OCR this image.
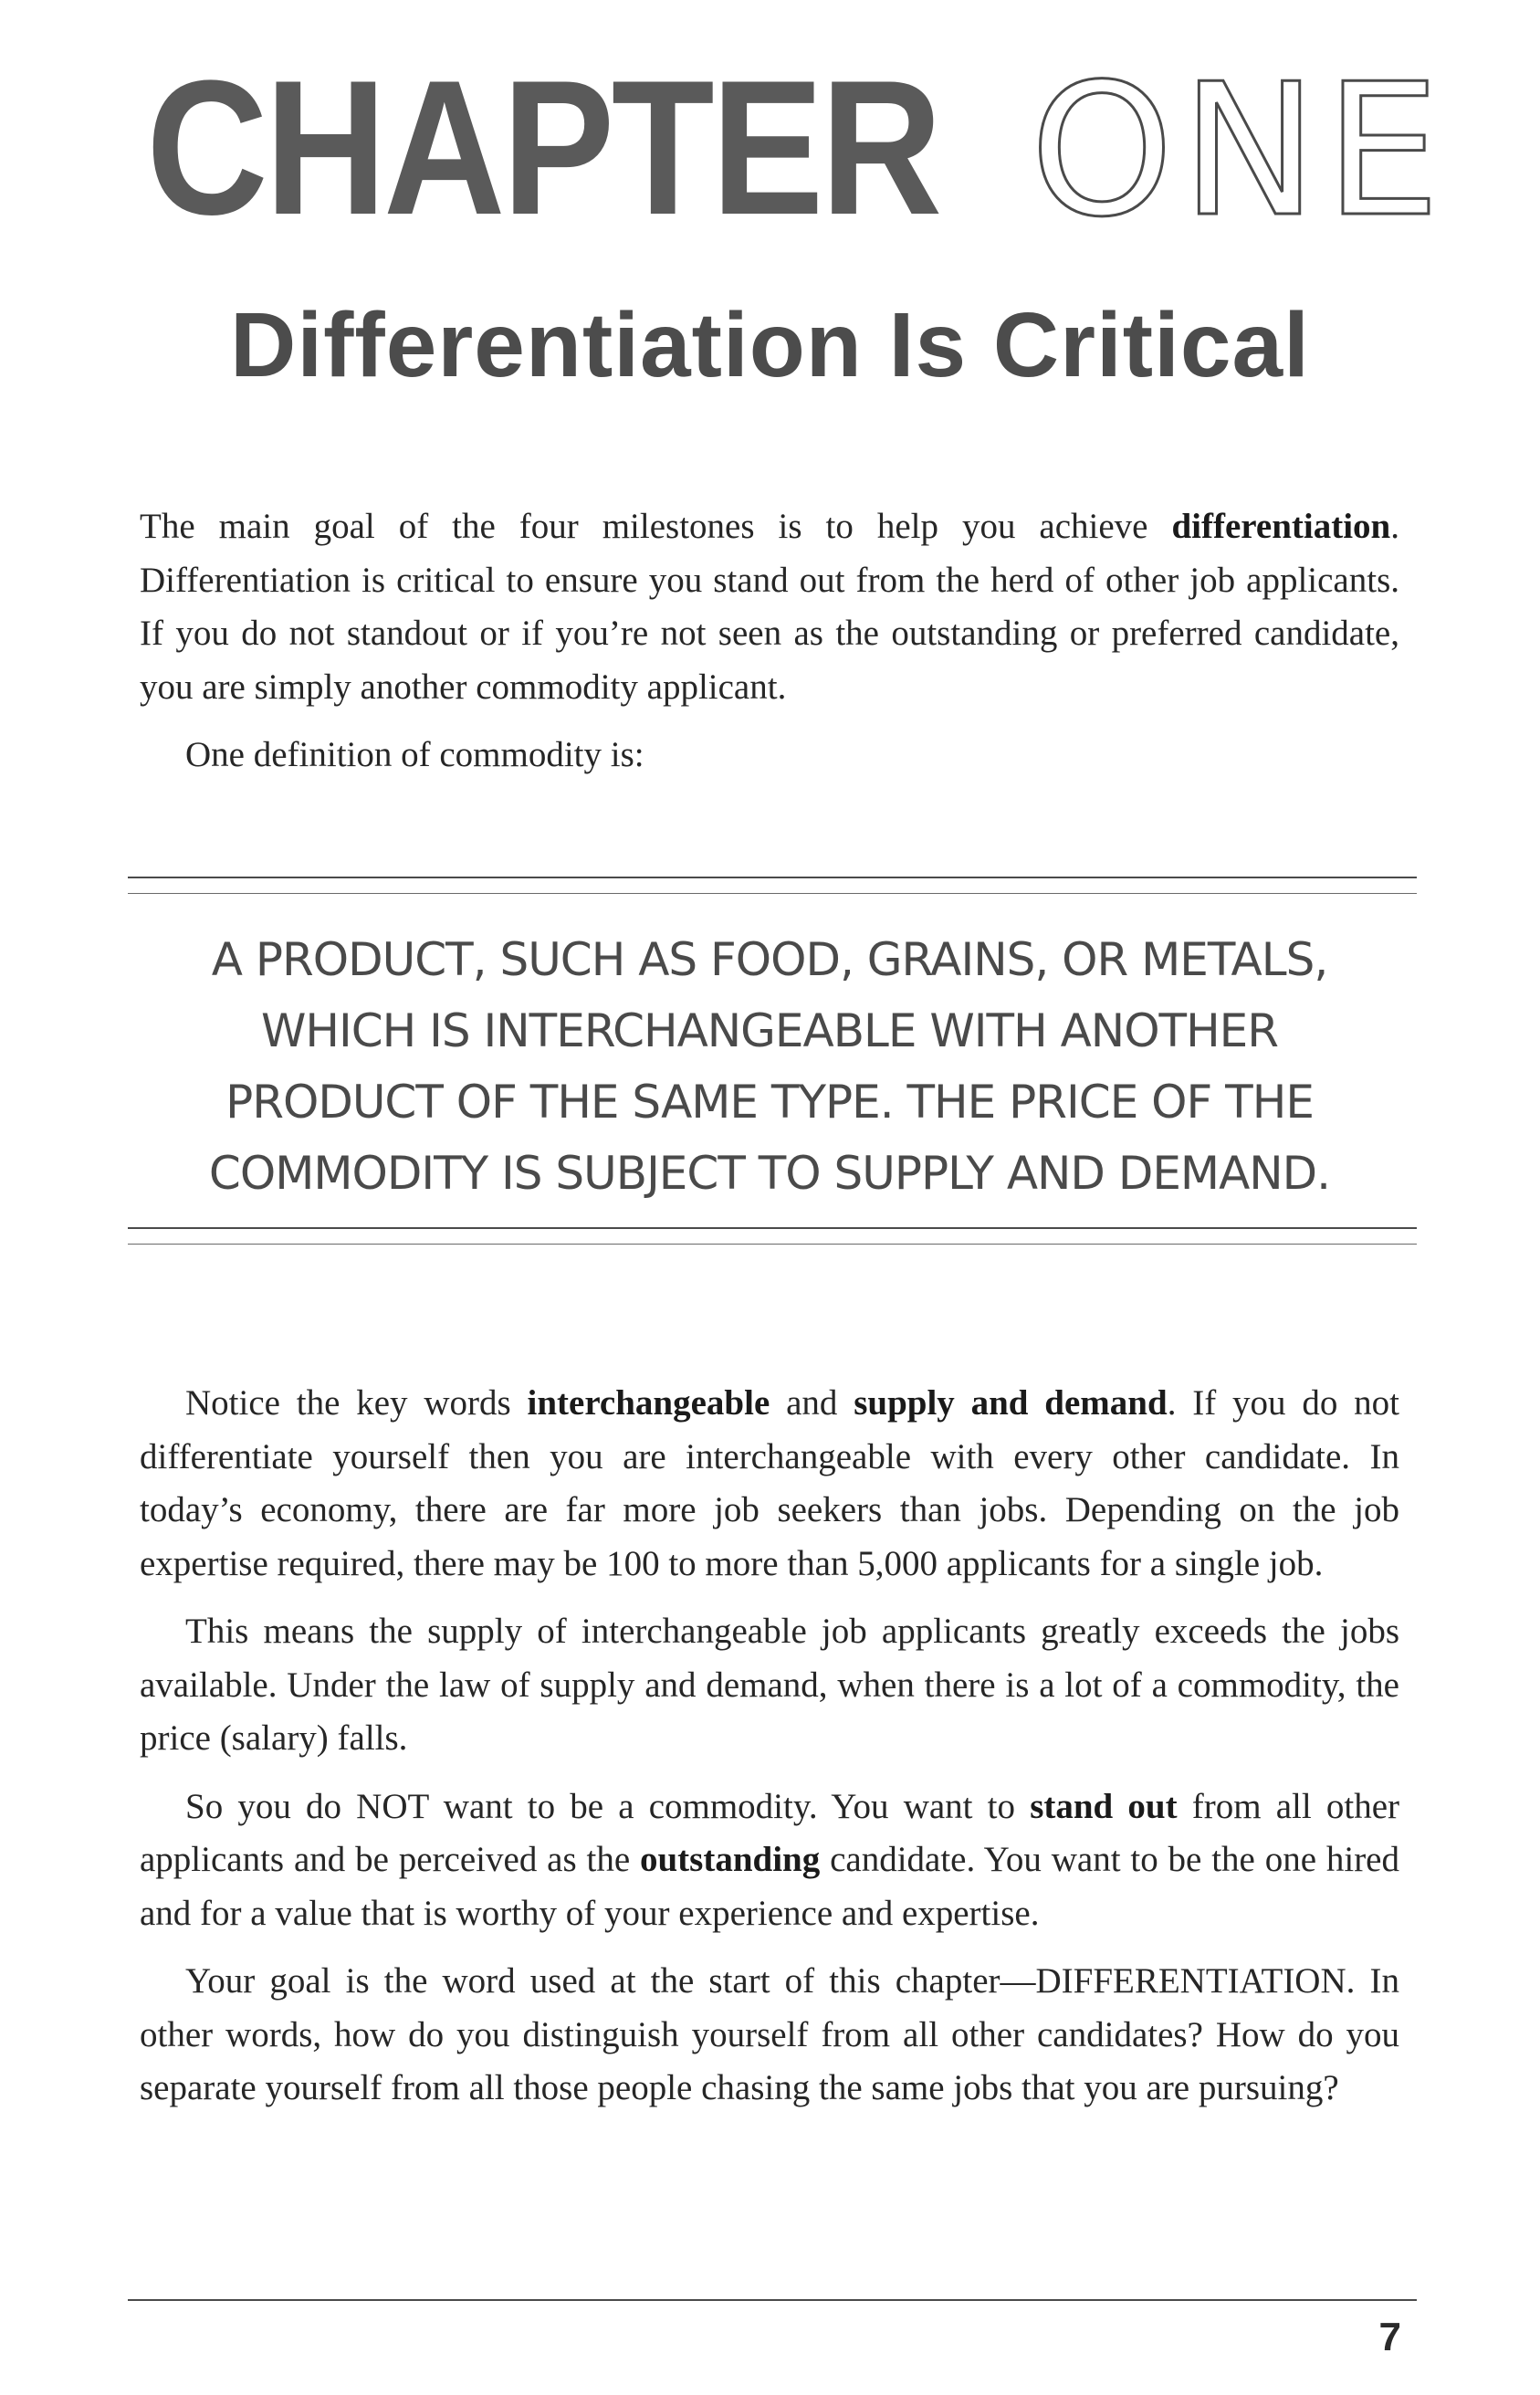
CHAPTER ONE
Differentiation Is Critical

The main goal of the four milestones is to help you achieve differentiation. Differentiation is critical to ensure you stand out from the herd of other job applicants. If you do not standout or if you’re not seen as the outstanding or preferred candidate, you are simply another commodity applicant.

One definition of commodity is:

A PRODUCT, SUCH AS FOOD, GRAINS, OR METALS,
WHICH IS INTERCHANGEABLE WITH ANOTHER
PRODUCT OF THE SAME TYPE. THE PRICE OF THE
COMMODITY IS SUBJECT TO SUPPLY AND DEMAND.

Notice the key words interchangeable and supply and demand. If you do not differentiate yourself then you are interchangeable with every other candidate. In today’s economy, there are far more job seekers than jobs. Depending on the job expertise required, there may be 100 to more than 5,000 applicants for a single job.

This means the supply of interchangeable job applicants greatly exceeds the jobs available. Under the law of supply and demand, when there is a lot of a commodity, the price (salary) falls.

So you do NOT want to be a commodity. You want to stand out from all other applicants and be perceived as the outstanding candidate. You want to be the one hired and for a value that is worthy of your experience and expertise.

Your goal is the word used at the start of this chapter—DIFFERENTIATION. In other words, how do you distinguish yourself from all other candidates? How do you separate yourself from all those people chasing the same jobs that you are pursuing?

7
